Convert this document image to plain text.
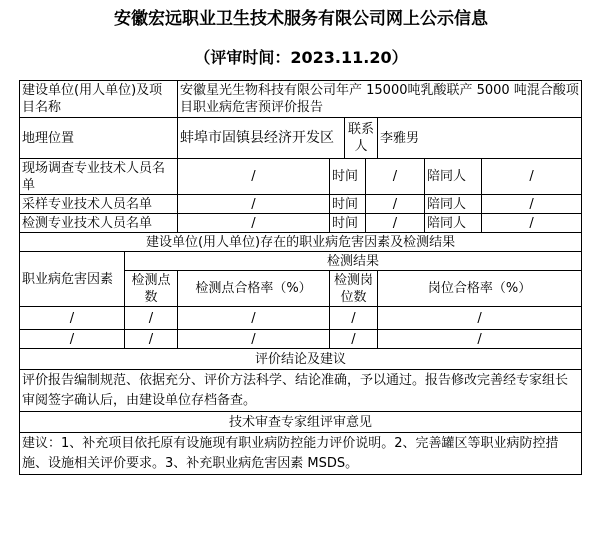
安徽宏远职业卫生技术服务有限公司网上公示信息
（评审时间：2023.11.20）
建设单位(用人单位)及项目名称		安徽星光生物科技有限公司年产 15000吨乳酸联产 5000 吨混合酸项目职业病危害预评价报告						
地理位置		蚌埠市固镇县经济开发区		联系人		李雅男		
现场调查专业技术人员名单		/	时间		/		陪同人	/
采样专业技术人员名单		/	时间		/		陪同人	/
检测专业技术人员名单		/	时间		/		陪同人	/
建设单位(用人单位)存在的职业病危害因素及检测结果								
职业病危害因素	检测结果							
	检测点数	检测点合格率（%）	检测岗位数			岗位合格率（%）		
/	/	/	/			/		
/	/	/	/			/		
评价结论及建议								
评价报告编制规范、依据充分、评价方法科学、结论准确，予以通过。报告修改完善经专家组长审阅签字确认后，由建设单位存档备查。								
技术审查专家组评审意见								
建议：1、补充项目依托原有设施现有职业病防控能力评价说明。2、完善罐区等职业病防控措施、设施相关评价要求。3、补充职业病危害因素 MSDS。								
